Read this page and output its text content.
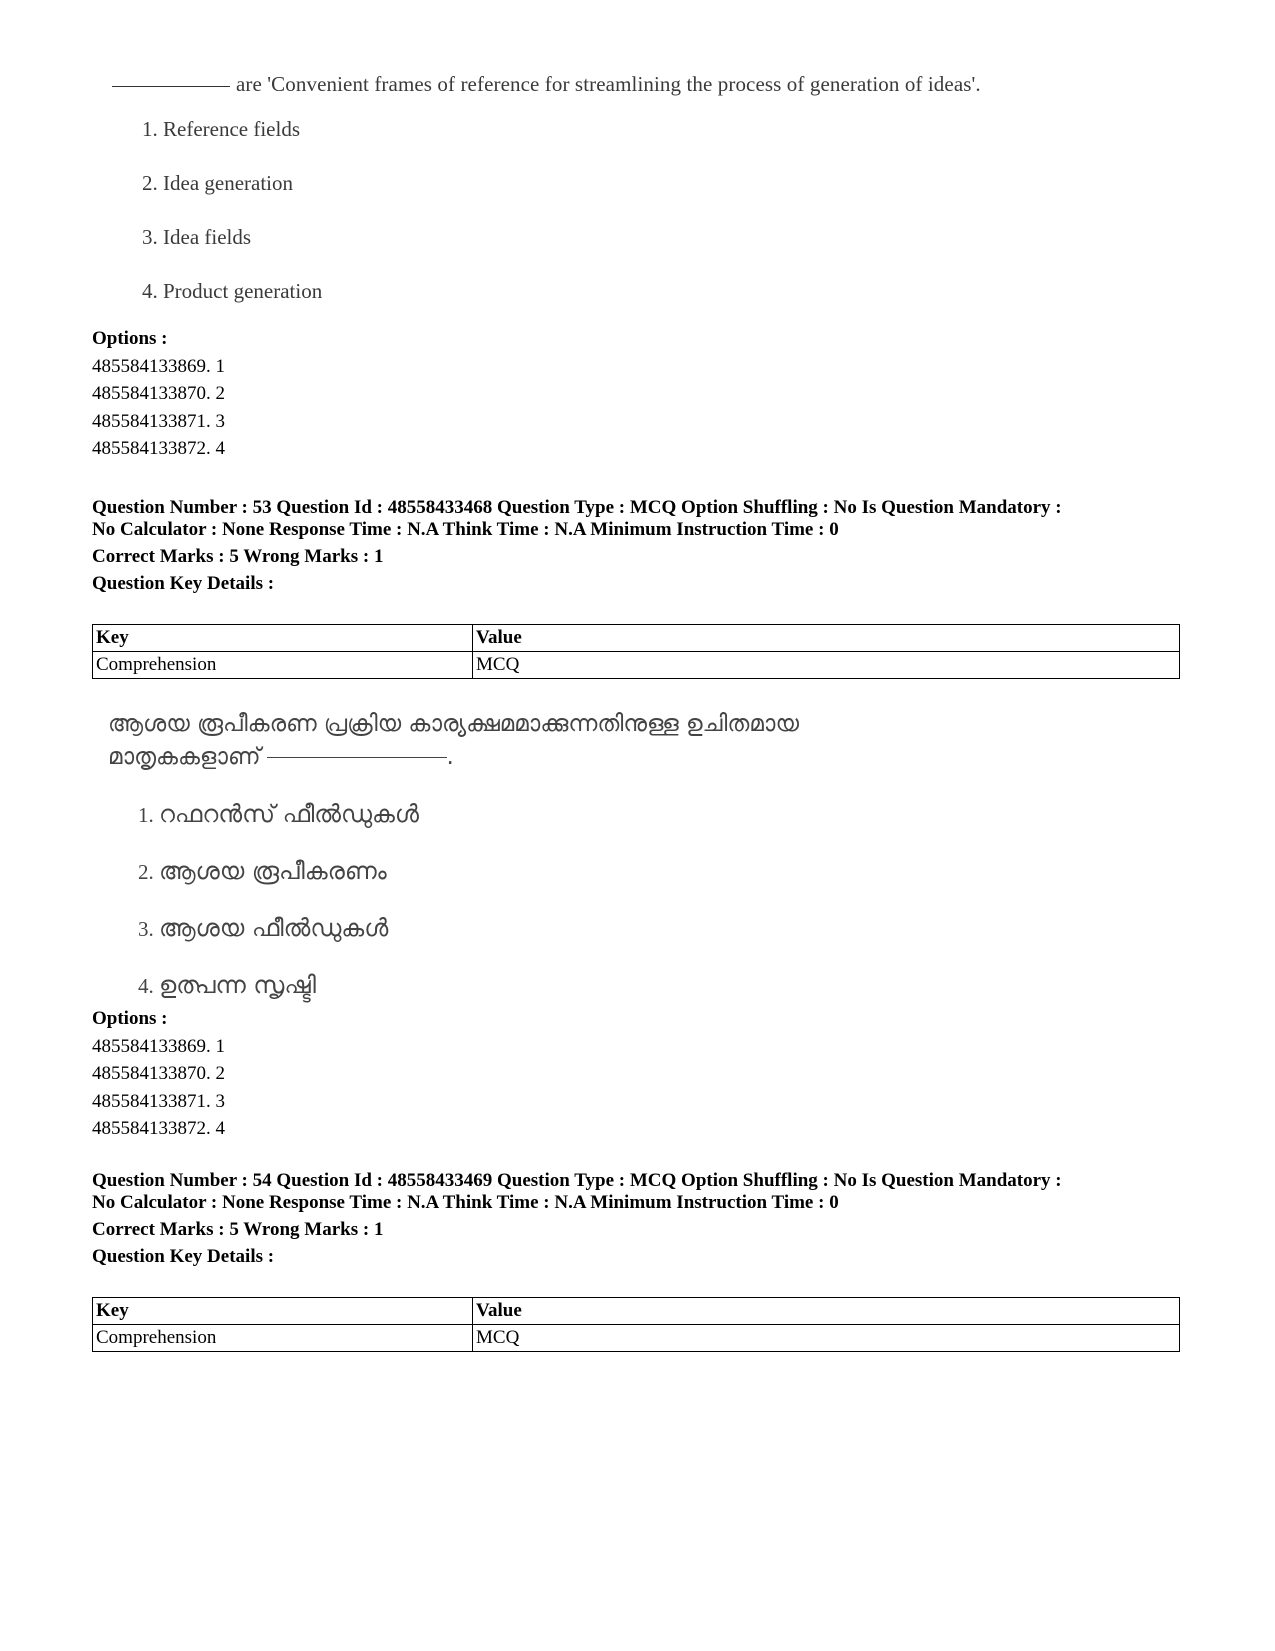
are 'Convenient frames of reference for streamlining the process of generation of ideas'.
1. Reference fields
2. Idea generation
3. Idea fields
4. Product generation
Options :
485584133869. 1
485584133870. 2
485584133871. 3
485584133872. 4
Question Number : 53 Question Id : 48558433468 Question Type : MCQ Option Shuffling : No Is Question Mandatory :
No Calculator : None Response Time : N.A Think Time : N.A Minimum Instruction Time : 0
Correct Marks : 5 Wrong Marks : 1
Question Key Details :
Key	Value
Comprehension	MCQ
ആശയ രൂപീകരണ പ്രക്രിയ കാര്യക്ഷമമാക്കുന്നതിനുള്ള ഉചിതമായ
മാതൃകകളാണ്	.
1. റഫറൻസ് ഫീൽഡുകൾ
2. ആശയ രൂപീകരണം
3. ആശയ ഫീൽഡുകൾ
4. ഉത്പന്ന സൃഷ്ടി
Options :
485584133869. 1
485584133870. 2
485584133871. 3
485584133872. 4
Question Number : 54 Question Id : 48558433469 Question Type : MCQ Option Shuffling : No Is Question Mandatory :
No Calculator : None Response Time : N.A Think Time : N.A Minimum Instruction Time : 0
Correct Marks : 5 Wrong Marks : 1
Question Key Details :
Key	Value
Comprehension	MCQ
